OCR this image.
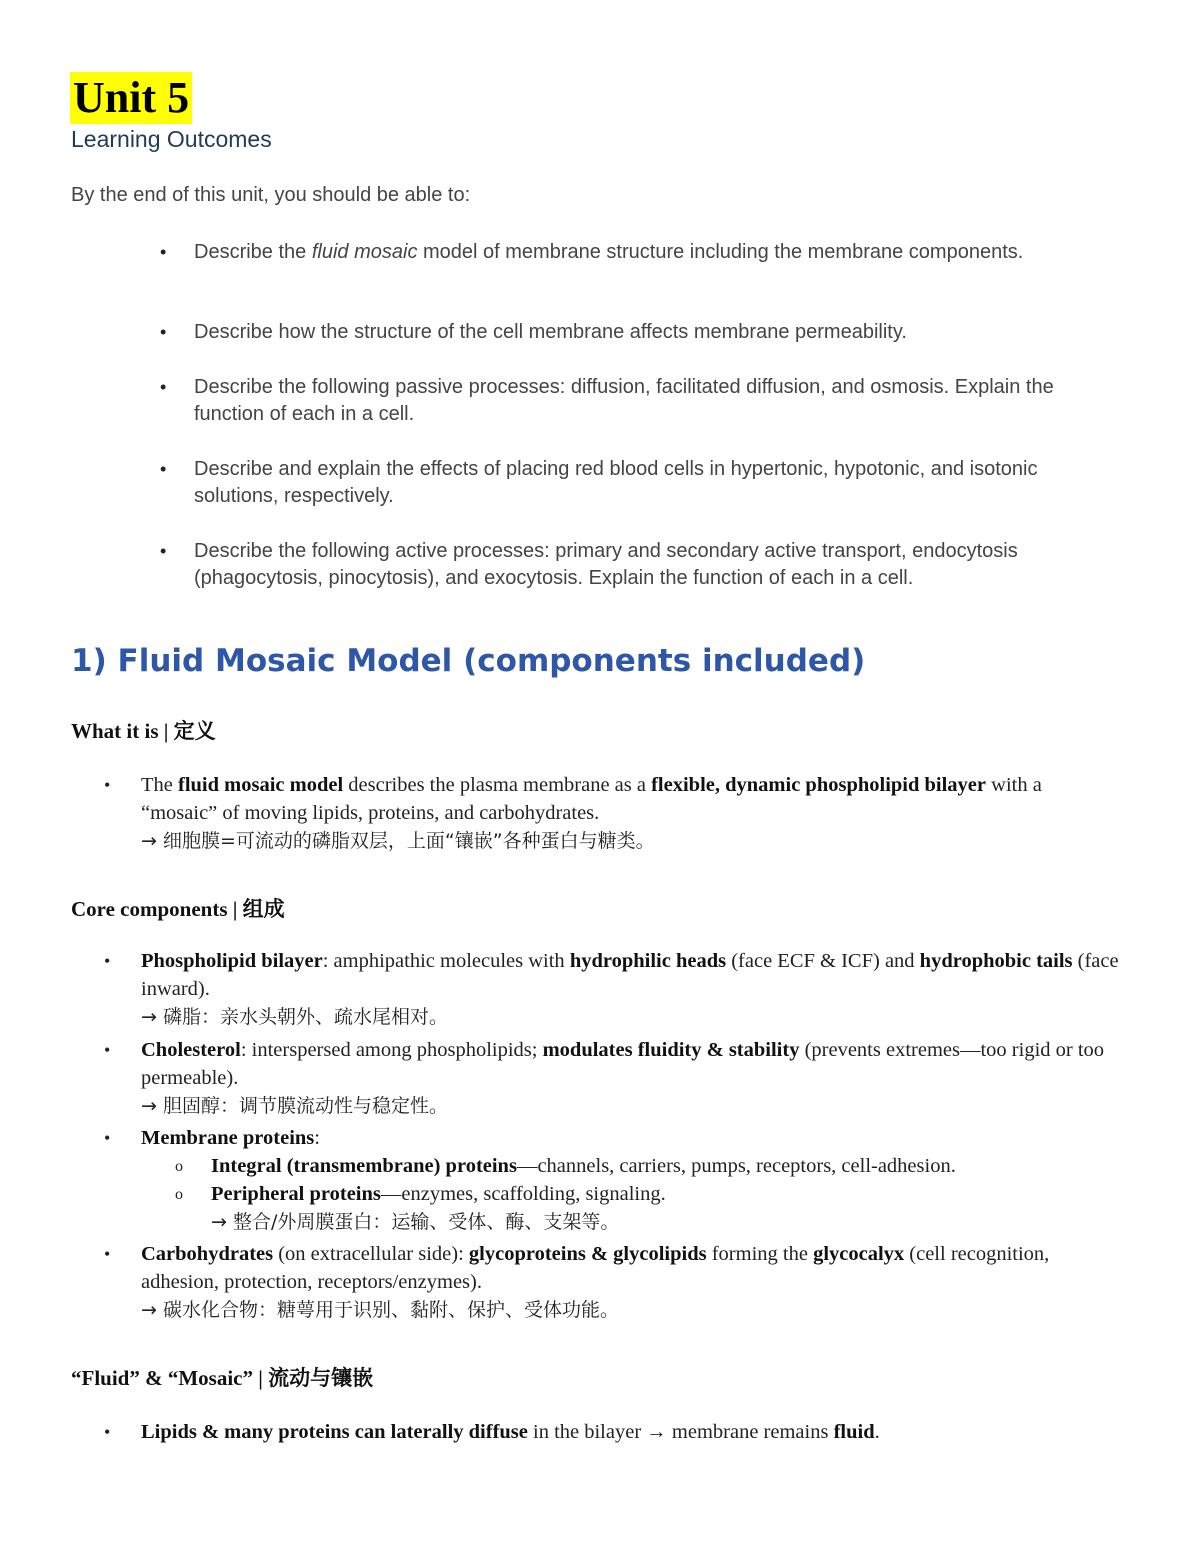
Unit 5
Learning Outcomes
By the end of this unit, you should be able to:
• Describe the fluid mosaic model of membrane structure including the membrane components.
• Describe how the structure of the cell membrane affects membrane permeability.
• Describe the following passive processes: diffusion, facilitated diffusion, and osmosis. Explain the function of each in a cell.
• Describe and explain the effects of placing red blood cells in hypertonic, hypotonic, and isotonic solutions, respectively.
• Describe the following active processes: primary and secondary active transport, endocytosis (phagocytosis, pinocytosis), and exocytosis. Explain the function of each in a cell.
1) Fluid Mosaic Model (components included)
What it is | 定义
• The fluid mosaic model describes the plasma membrane as a flexible, dynamic phospholipid bilayer with a “mosaic” of moving lipids, proteins, and carbohydrates.
→ 细胞膜=可流动的磷脂双层，上面“镶嵌”各种蛋白与糖类。
Core components | 组成
• Phospholipid bilayer: amphipathic molecules with hydrophilic heads (face ECF & ICF) and hydrophobic tails (face inward).
→ 磷脂：亲水头朝外、疏水尾相对。
• Cholesterol: interspersed among phospholipids; modulates fluidity & stability (prevents extremes—too rigid or too permeable).
→ 胆固醇：调节膜流动性与稳定性。
• Membrane proteins:
o Integral (transmembrane) proteins—channels, carriers, pumps, receptors, cell-adhesion.
o Peripheral proteins—enzymes, scaffolding, signaling.
→ 整合/外周膜蛋白：运输、受体、酶、支架等。
• Carbohydrates (on extracellular side): glycoproteins & glycolipids forming the glycocalyx (cell recognition, adhesion, protection, receptors/enzymes).
→ 碳水化合物：糖萼用于识别、黏附、保护、受体功能。
“Fluid” & “Mosaic” | 流动与镶嵌
• Lipids & many proteins can laterally diffuse in the bilayer → membrane remains fluid.
